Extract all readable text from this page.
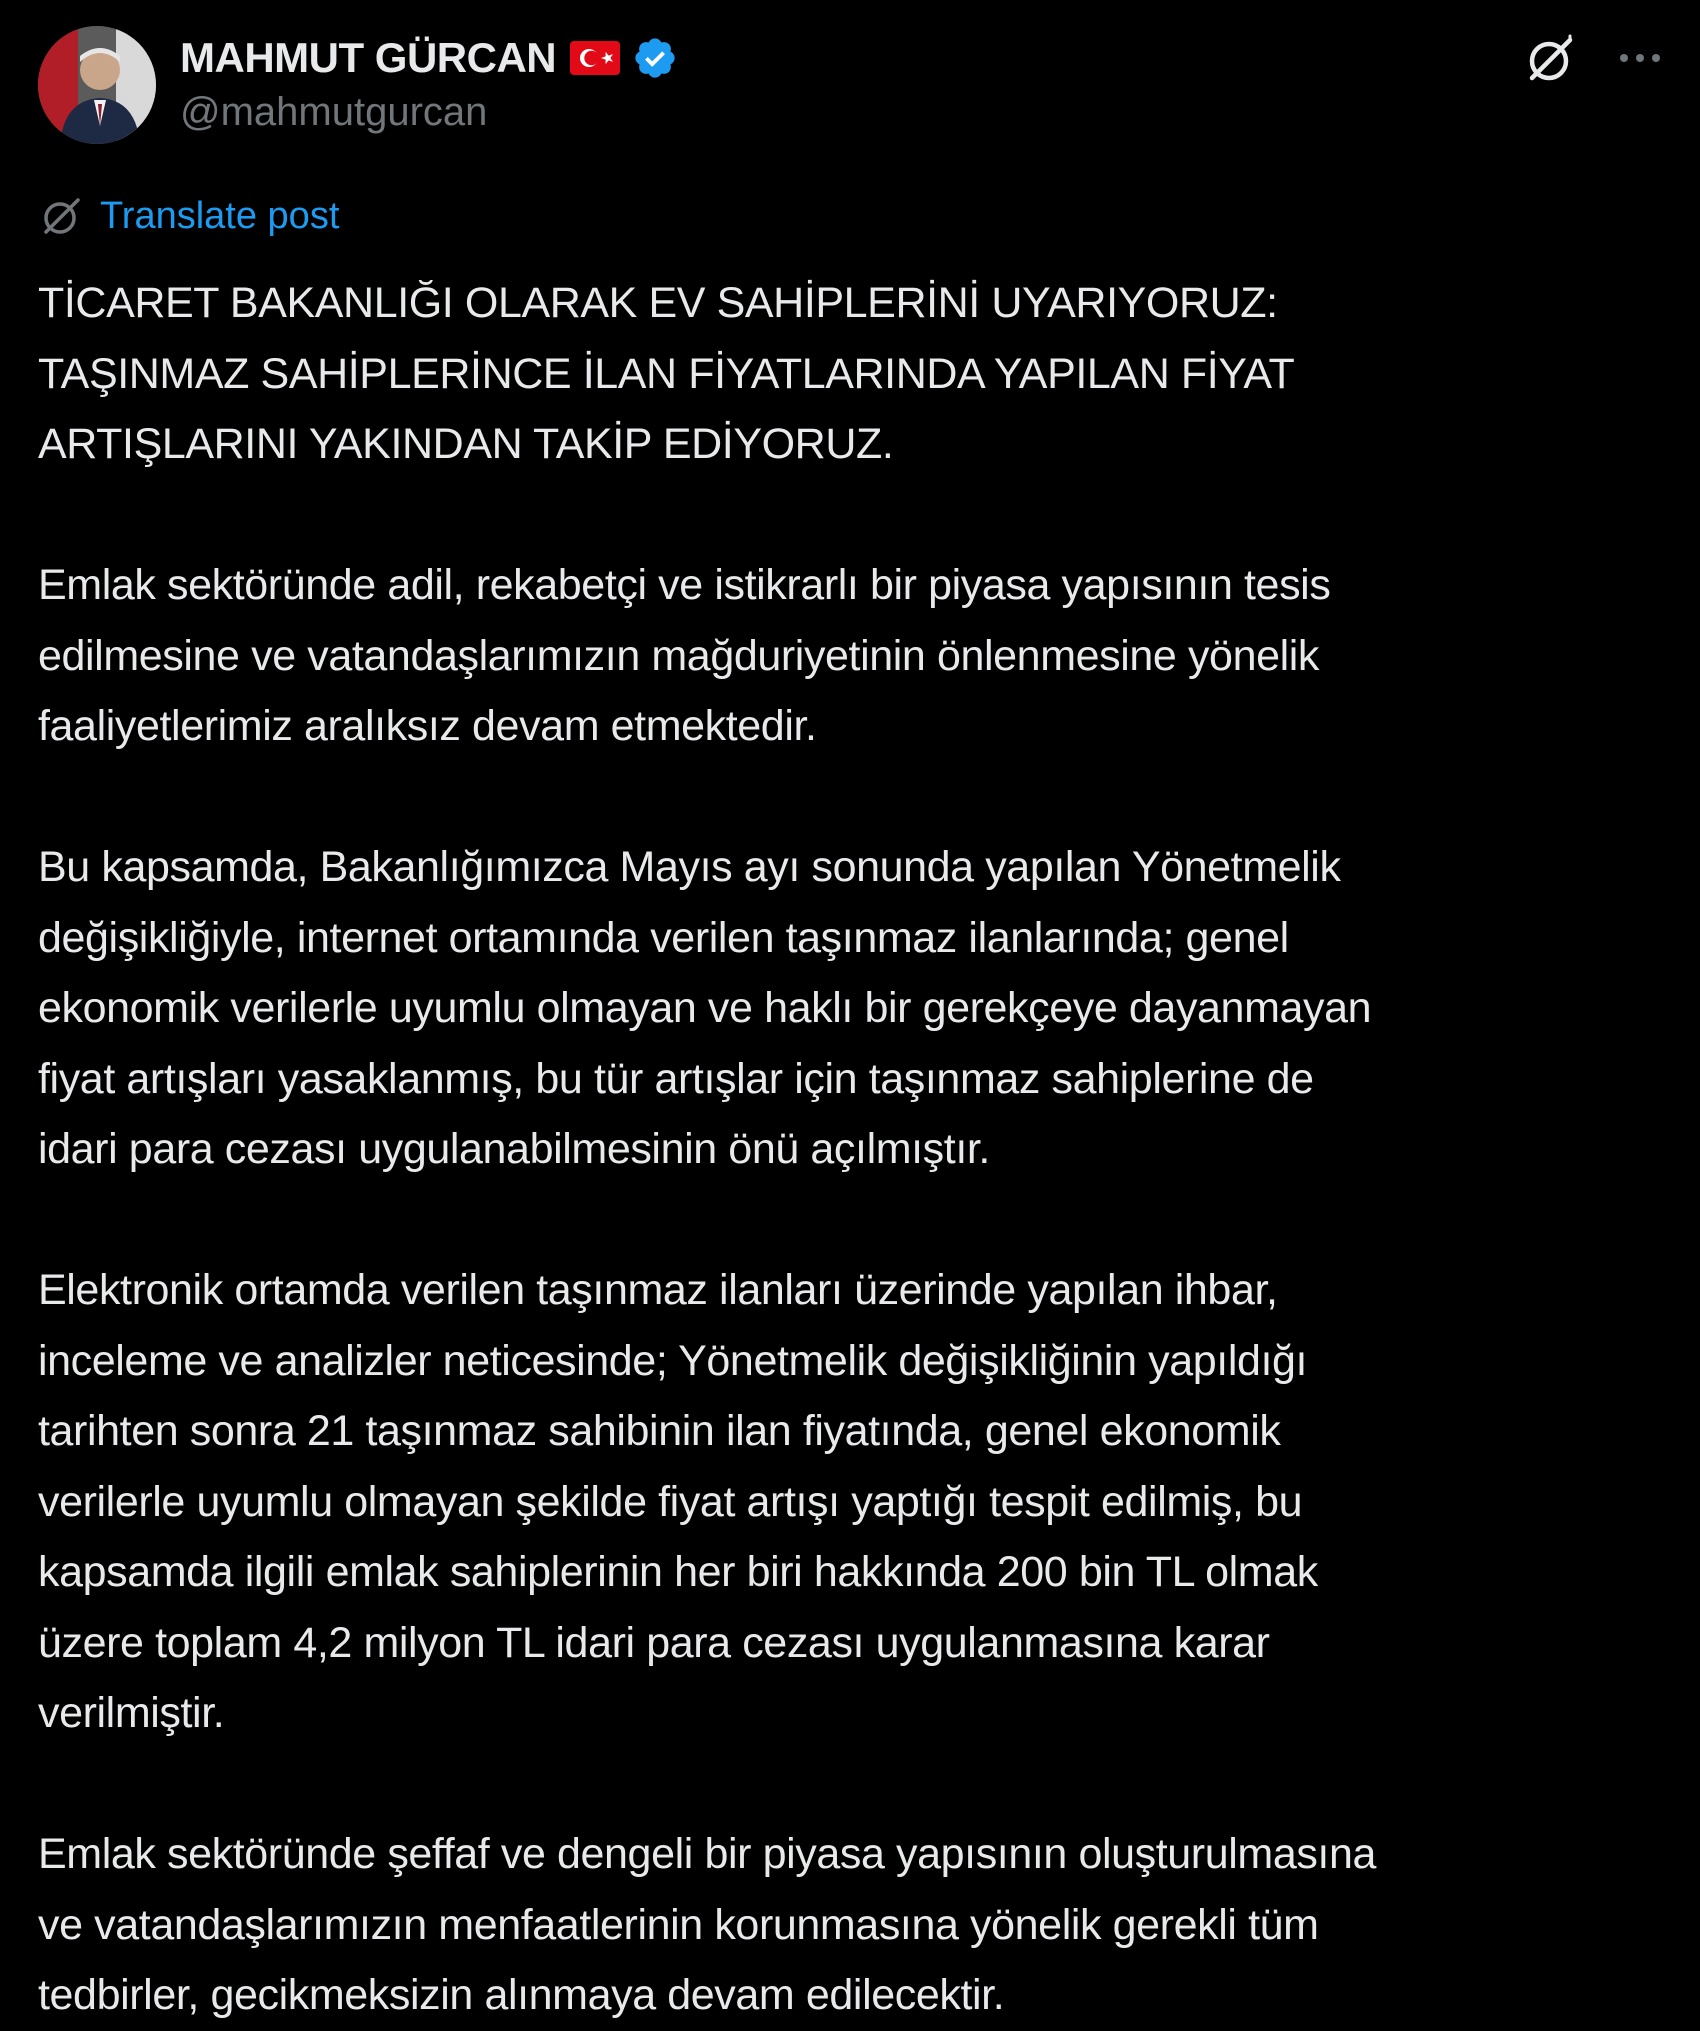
MAHMUT GÜRCAN
@mahmutgurcan
Translate post
TİCARET BAKANLIĞI OLARAK EV SAHİPLERİNİ UYARIYORUZ:
TAŞINMAZ SAHİPLERİNCE İLAN FİYATLARINDA YAPILAN FİYAT
ARTIŞLARINI YAKINDAN TAKİP EDİYORUZ.
Emlak sektöründe adil, rekabetçi ve istikrarlı bir piyasa yapısının tesis
edilmesine ve vatandaşlarımızın mağduriyetinin önlenmesine yönelik
faaliyetlerimiz aralıksız devam etmektedir.
Bu kapsamda, Bakanlığımızca Mayıs ayı sonunda yapılan Yönetmelik
değişikliğiyle, internet ortamında verilen taşınmaz ilanlarında; genel
ekonomik verilerle uyumlu olmayan ve haklı bir gerekçeye dayanmayan
fiyat artışları yasaklanmış, bu tür artışlar için taşınmaz sahiplerine de
idari para cezası uygulanabilmesinin önü açılmıştır.
Elektronik ortamda verilen taşınmaz ilanları üzerinde yapılan ihbar,
inceleme ve analizler neticesinde; Yönetmelik değişikliğinin yapıldığı
tarihten sonra 21 taşınmaz sahibinin ilan fiyatında, genel ekonomik
verilerle uyumlu olmayan şekilde fiyat artışı yaptığı tespit edilmiş, bu
kapsamda ilgili emlak sahiplerinin her biri hakkında 200 bin TL olmak
üzere toplam 4,2 milyon TL idari para cezası uygulanmasına karar
verilmiştir.
Emlak sektöründe şeffaf ve dengeli bir piyasa yapısının oluşturulmasına
ve vatandaşlarımızın menfaatlerinin korunmasına yönelik gerekli tüm
tedbirler, gecikmeksizin alınmaya devam edilecektir.
